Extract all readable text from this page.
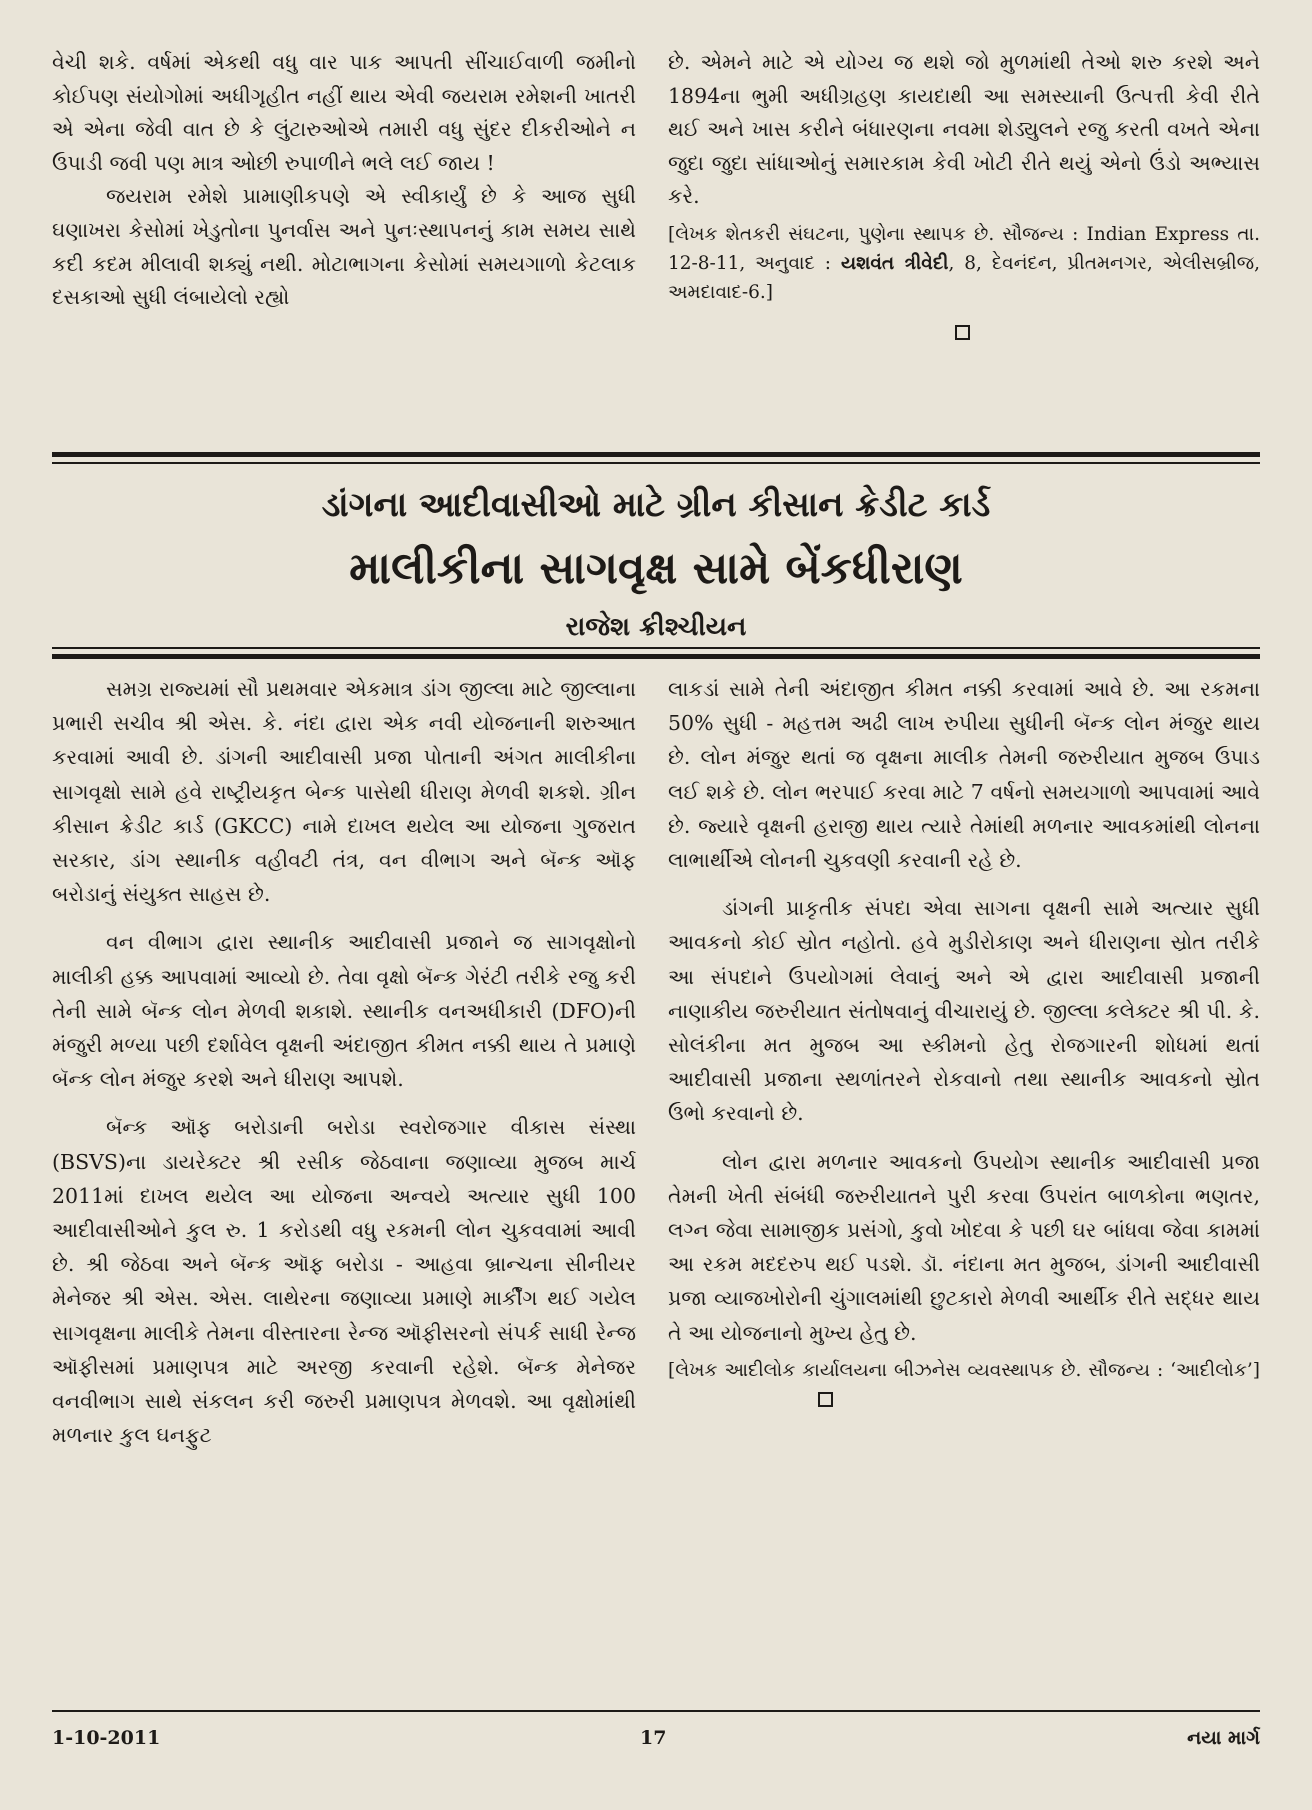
વેચી શકે. વર્ષમાં એકથી વધુ વાર પાક આપતી સીંચાઈવાળી જમીનો કોઈપણ સંયોગોમાં અધીગૃહીત નહીં થાય એવી જયરામ રમેશની ખાતરી એ એના જેવી વાત છે કે લુંટારુઓએ તમારી વધુ સુંદર દીકરીઓને ન ઉપાડી જવી પણ માત્ર ઓછી રુપાળીને ભલે લઈ જાય !

જયરામ રમેશે પ્રામાણીકપણે એ સ્વીકાર્યું છે કે આજ સુધી ઘણાખરા કેસોમાં ખેડુતોના પુનર્વાસ અને પુનઃસ્થાપનનું કામ સમય સાથે કદી કદમ મીલાવી શક્યું નથી. મોટાભાગના કેસોમાં સમયગાળો કેટલાક દસકાઓ સુધી લંબાયેલો રહ્યો

છે. એમને માટે એ યોગ્ય જ થશે જો મુળમાંથી તેઓ શરુ કરશે અને 1894ના ભુમી અધીગ્રહણ કાયદાથી આ સમસ્યાની ઉત્પત્તી કેવી રીતે થઈ અને ખાસ કરીને બંધારણના નવમા શેડ્યુલને રજુ કરતી વખતે એના જુદા જુદા સાંધાઓનું સમારકામ કેવી ખોટી રીતે થયું એનો ઉંડો અભ્યાસ કરે.

[લેખક શેતકરી સંઘટના, પુણેના સ્થાપક છે. સૌજન્ય : Indian Express તા. 12-8-11, અનુવાદ : યશવંત ત્રીવેદી, 8, દેવનંદન, પ્રીતમનગર, એલીસબ્રીજ, અમદાવાદ-6.]

ડાંગના આદીવાસીઓ માટે ગ્રીન કીસાન ક્રેડીટ કાર્ડ
માલીકીના સાગવૃક્ષ સામે બેંકધીરાણ
રાજેશ ક્રીશ્ચીયન

સમગ્ર રાજ્યમાં સૌ પ્રથમવાર એકમાત્ર ડાંગ જીલ્લા માટે જીલ્લાના પ્રભારી સચીવ શ્રી એસ. કે. નંદા દ્વારા એક નવી યોજનાની શરુઆત કરવામાં આવી છે. ડાંગની આદીવાસી પ્રજા પોતાની અંગત માલીકીના સાગવૃક્ષો સામે હવે રાષ્ટ્રીયકૃત બેન્ક પાસેથી ધીરાણ મેળવી શકશે. ગ્રીન કીસાન ક્રેડીટ કાર્ડ (GKCC) નામે દાખલ થયેલ આ યોજના ગુજરાત સરકાર, ડાંગ સ્થાનીક વહીવટી તંત્ર, વન વીભાગ અને બૅન્ક ઑફ બરોડાનું સંયુક્ત સાહસ છે.

વન વીભાગ દ્વારા સ્થાનીક આદીવાસી પ્રજાને જ સાગવૃક્ષોનો માલીકી હક્ક આપવામાં આવ્યો છે. તેવા વૃક્ષો બૅન્ક ગેરંટી તરીકે રજુ કરી તેની સામે બૅન્ક લોન મેળવી શકાશે. સ્થાનીક વનઅધીકારી (DFO)ની મંજુરી મળ્યા પછી દર્શાવેલ વૃક્ષની અંદાજીત કીમત નક્કી થાય તે પ્રમાણે બૅન્ક લોન મંજુર કરશે અને ધીરાણ આપશે.

બૅન્ક ઑફ બરોડાની બરોડા સ્વરોજગાર વીકાસ સંસ્થા (BSVS)ના ડાયરેક્ટર શ્રી રસીક જેઠવાના જણાવ્યા મુજબ માર્ચ 2011માં દાખલ થયેલ આ યોજના અન્વયે અત્યાર સુધી 100 આદીવાસીઓને કુલ રુ. 1 કરોડથી વધુ રકમની લોન ચુકવવામાં આવી છે. શ્રી જેઠવા અને બૅન્ક ઑફ બરોડા - આહવા બ્રાન્ચના સીનીયર મેનેજર શ્રી એસ. એસ. લાથેરના જણાવ્યા પ્રમાણે માર્કીંગ થઈ ગયેલ સાગવૃક્ષના માલીકે તેમના વીસ્તારના રેન્જ ઑફીસરનો સંપર્ક સાધી રેન્જ ઑફીસમાં પ્રમાણપત્ર માટે અરજી કરવાની રહેશે. બૅન્ક મેનેજર વનવીભાગ સાથે સંકલન કરી જરુરી પ્રમાણપત્ર મેળવશે. આ વૃક્ષોમાંથી મળનાર કુલ ઘનફુટ

લાકડાં સામે તેની અંદાજીત કીમત નક્કી કરવામાં આવે છે. આ રકમના 50% સુધી - મહત્તમ અઢી લાખ રુપીયા સુધીની બૅન્ક લોન મંજુર થાય છે. લોન મંજુર થતાં જ વૃક્ષના માલીક તેમની જરુરીયાત મુજબ ઉપાડ લઈ શકે છે. લોન ભરપાઈ કરવા માટે 7 વર્ષનો સમયગાળો આપવામાં આવે છે. જ્યારે વૃક્ષની હરાજી થાય ત્યારે તેમાંથી મળનાર આવકમાંથી લોનના લાભાર્થીએ લોનની ચુકવણી કરવાની રહે છે.

ડાંગની પ્રાકૃતીક સંપદા એવા સાગના વૃક્ષની સામે અત્યાર સુધી આવકનો કોઈ સ્રોત નહોતો. હવે મુડીરોકાણ અને ધીરાણના સ્રોત તરીકે આ સંપદાને ઉપયોગમાં લેવાનું અને એ દ્વારા આદીવાસી પ્રજાની નાણાકીય જરુરીયાત સંતોષવાનું વીચારાયું છે. જીલ્લા કલેક્ટર શ્રી પી. કે. સોલંકીના મત મુજબ આ સ્કીમનો હેતુ રોજગારની શોધમાં થતાં આદીવાસી પ્રજાના સ્થળાંતરને રોકવાનો તથા સ્થાનીક આવકનો સ્રોત ઉભો કરવાનો છે.

લોન દ્વારા મળનાર આવકનો ઉપયોગ સ્થાનીક આદીવાસી પ્રજા તેમની ખેતી સંબંધી જરુરીયાતને પુરી કરવા ઉપરાંત બાળકોના ભણતર, લગ્ન જેવા સામાજીક પ્રસંગો, કુવો ખોદવા કે પછી ઘર બાંધવા જેવા કામમાં આ રકમ મદદરુપ થઈ પડશે. ડૉ. નંદાના મત મુજબ, ડાંગની આદીવાસી પ્રજા વ્યાજખોરોની ચુંગાલમાંથી છુટકારો મેળવી આર્થીક રીતે સદ્ધર થાય તે આ યોજનાનો મુખ્ય હેતુ છે.

[લેખક આદીલોક કાર્યાલયના બીઝનેસ વ્યવસ્થાપક છે. સૌજન્ય : ‘આદીલોક’]

1-10-2011	17	નયા માર્ગ
